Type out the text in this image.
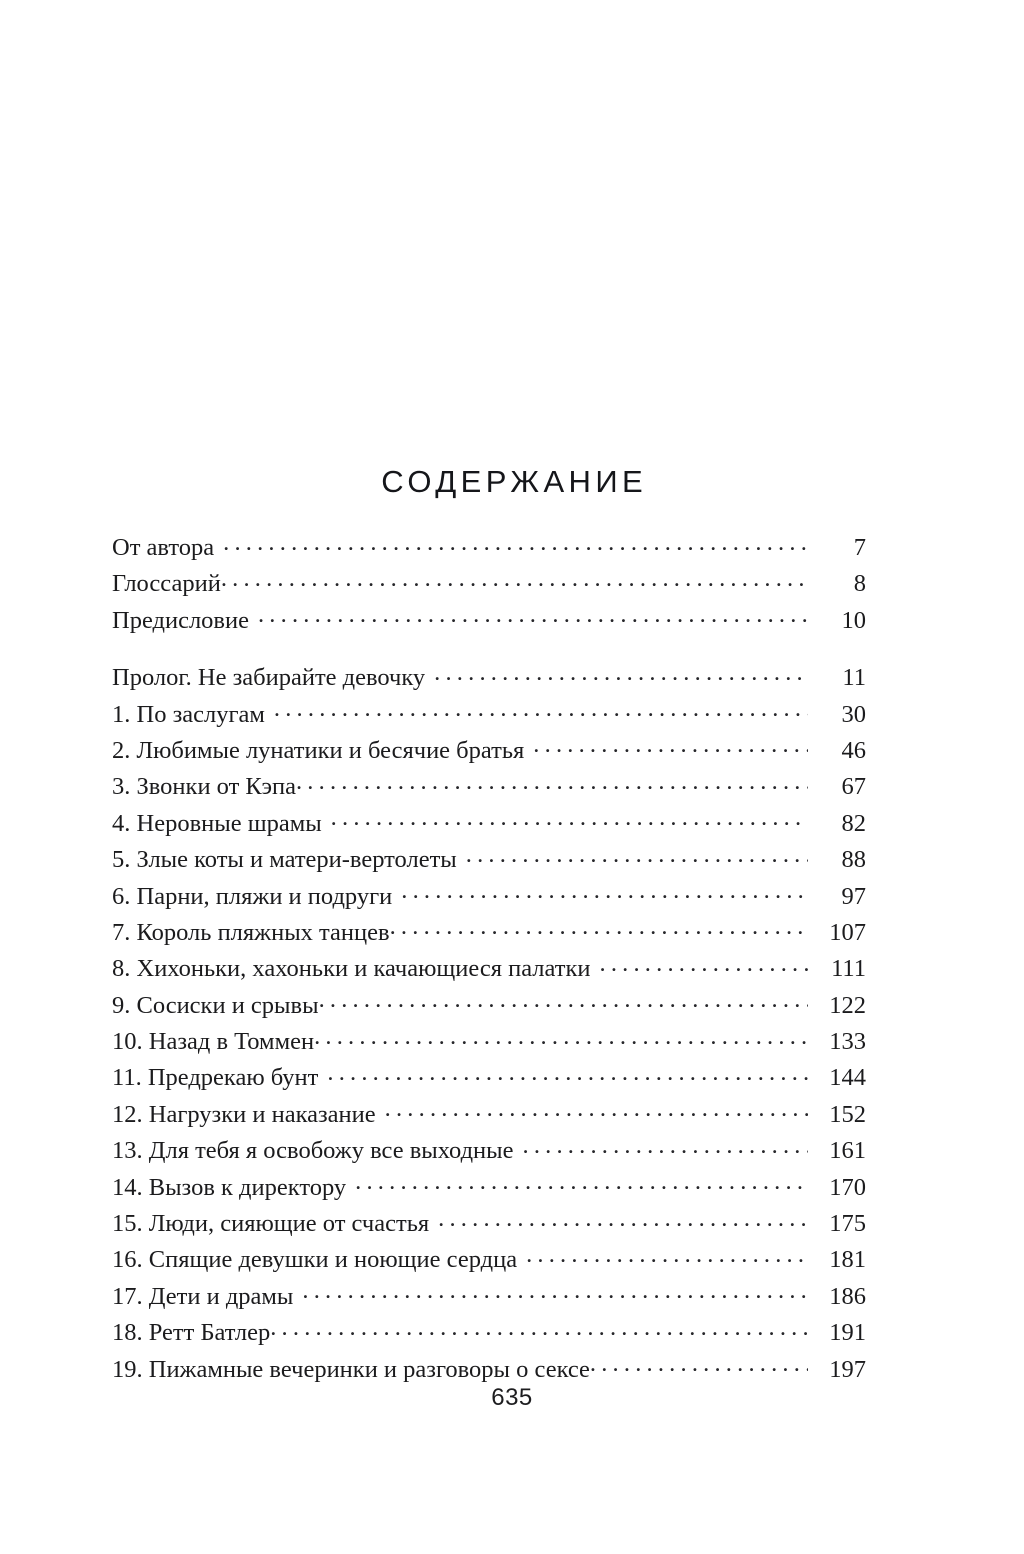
СОДЕРЖАНИЕ
От автора .....	7
Глоссарий .....	8
Предисловие .....	10
Пролог. Не забирайте девочку .....	11
1. По заслугам .....	30
2. Любимые лунатики и бесячие братья .....	46
3. Звонки от Кэпа .....	67
4. Неровные шрамы .....	82
5. Злые коты и матери-вертолеты .....	88
6. Парни, пляжи и подруги .....	97
7. Король пляжных танцев .....	107
8. Хихоньки, хахоньки и качающиеся палатки .....	111
9. Сосиски и срывы .....	122
10. Назад в Томмен .....	133
11. Предрекаю бунт .....	144
12. Нагрузки и наказание .....	152
13. Для тебя я освобожу все выходные .....	161
14. Вызов к директору .....	170
15. Люди, сияющие от счастья .....	175
16. Спящие девушки и ноющие сердца .....	181
17. Дети и драмы .....	186
18. Ретт Батлер .....	191
19. Пижамные вечеринки и разговоры о сексе .....	197
635
